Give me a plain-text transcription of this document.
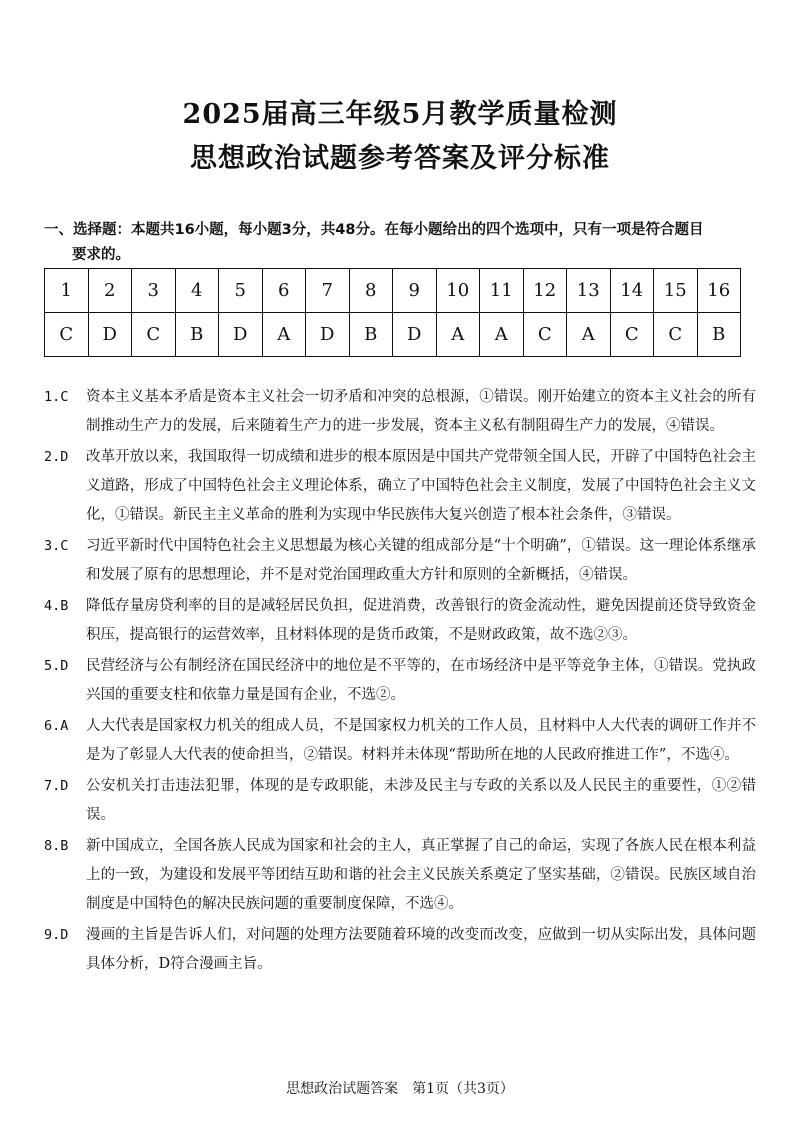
2025届高三年级5月教学质量检测
思想政治试题参考答案及评分标准
一、选择题：本题共16小题，每小题3分，共48分。在每小题给出的四个选项中，只有一项是符合题目
要求的。
1	2	3	4	5	6	7	8	9	10	11	12	13	14	15	16
C	D	C	B	D	A	D	B	D	A	A	C	A	C	C	B
1.C	资本主义基本矛盾是资本主义社会一切矛盾和冲突的总根源，①错误。刚开始建立的资本主义社会的所有制推动生产力的发展，后来随着生产力的进一步发展，资本主义私有制阻碍生产力的发展，④错误。
2.D	改革开放以来，我国取得一切成绩和进步的根本原因是中国共产党带领全国人民，开辟了中国特色社会主义道路，形成了中国特色社会主义理论体系，确立了中国特色社会主义制度，发展了中国特色社会主义文化，①错误。新民主主义革命的胜利为实现中华民族伟大复兴创造了根本社会条件，③错误。
3.C	习近平新时代中国特色社会主义思想最为核心关键的组成部分是“十个明确”，①错误。这一理论体系继承和发展了原有的思想理论，并不是对党治国理政重大方针和原则的全新概括，④错误。
4.B	降低存量房贷利率的目的是减轻居民负担，促进消费，改善银行的资金流动性，避免因提前还贷导致资金积压，提高银行的运营效率，且材料体现的是货币政策，不是财政政策，故不选②③。
5.D	民营经济与公有制经济在国民经济中的地位是不平等的，在市场经济中是平等竞争主体，①错误。党执政兴国的重要支柱和依靠力量是国有企业，不选②。
6.A	人大代表是国家权力机关的组成人员，不是国家权力机关的工作人员，且材料中人大代表的调研工作并不是为了彰显人大代表的使命担当，②错误。材料并未体现“帮助所在地的人民政府推进工作”，不选④。
7.D	公安机关打击违法犯罪，体现的是专政职能，未涉及民主与专政的关系以及人民民主的重要性，①②错误。
8.B	新中国成立，全国各族人民成为国家和社会的主人，真正掌握了自己的命运，实现了各族人民在根本利益上的一致，为建设和发展平等团结互助和谐的社会主义民族关系奠定了坚实基础，②错误。民族区域自治制度是中国特色的解决民族问题的重要制度保障，不选④。
9.D	漫画的主旨是告诉人们，对问题的处理方法要随着环境的改变而改变，应做到一切从实际出发，具体问题具体分析，D符合漫画主旨。
思想政治试题答案　第1页（共3页）
